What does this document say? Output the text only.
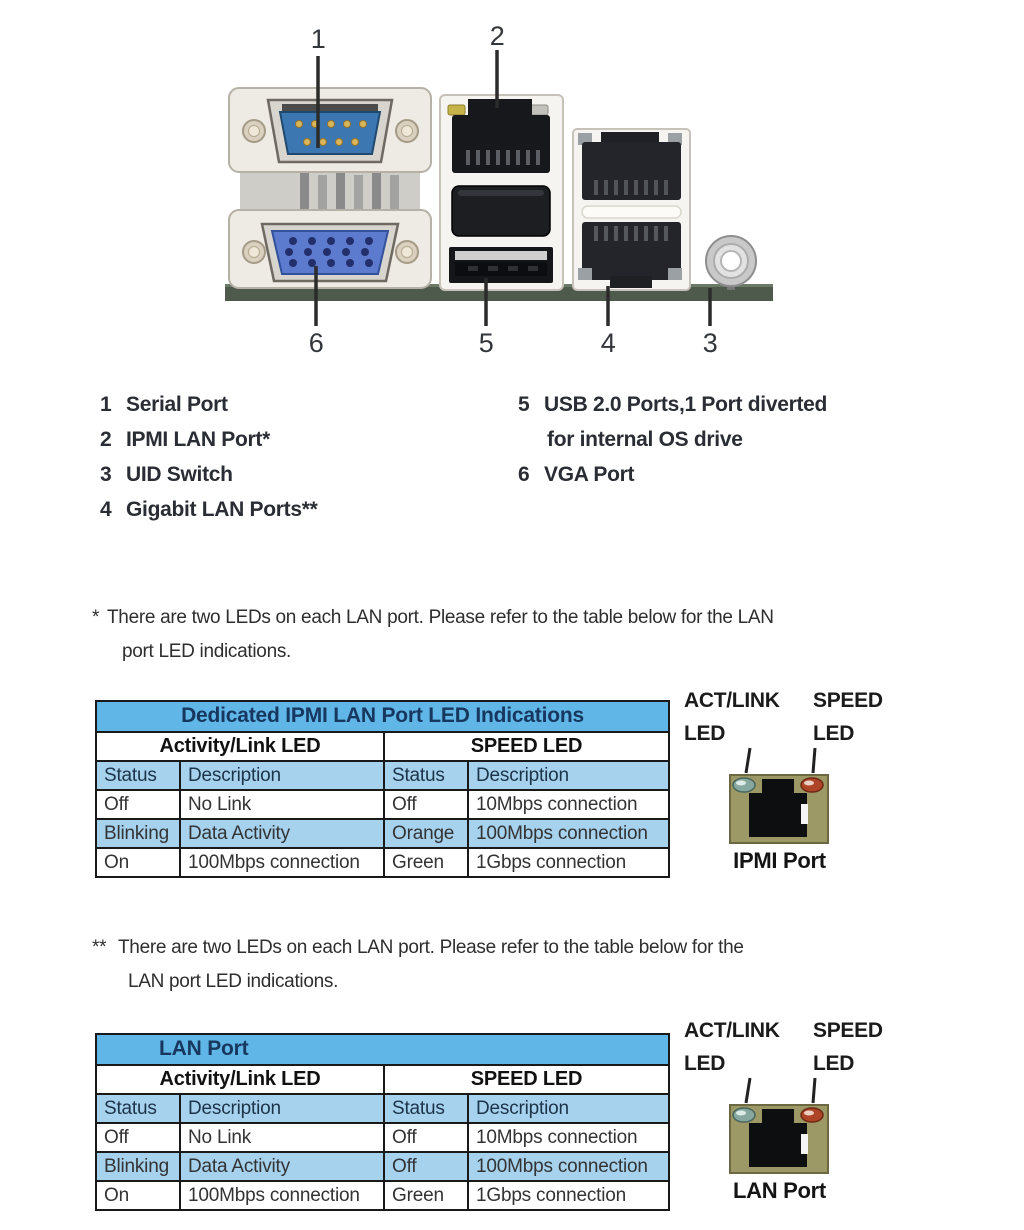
1	2
6	5	4	3
1 Serial Port
2 IPMI LAN Port*
3 UID Switch
4 Gigabit LAN Ports**
5 USB 2.0 Ports,1 Port diverted
for internal OS drive
6 VGA Port
* There are two LEDs on each LAN port. Please refer to the table below for the LAN
port LED indications.
Dedicated IPMI LAN Port LED Indications			
Activity/Link LED		SPEED LED	
Status	Description	Status	Description
Off	No Link	Off	10Mbps connection
Blinking	Data Activity	Orange	100Mbps connection
On	100Mbps connection	Green	1Gbps connection
ACT/LINK SPEED
LED	LED
IPMI Port
** There are two LEDs on each LAN port. Please refer to the table below for the
LAN port LED indications.
LAN Port			
Activity/Link LED		SPEED LED	
Status	Description	Status	Description
Off	No Link	Off	10Mbps connection
Blinking	Data Activity	Off	100Mbps connection
On	100Mbps connection	Green	1Gbps connection
ACT/LINK SPEED
LED	LED
LAN Port
